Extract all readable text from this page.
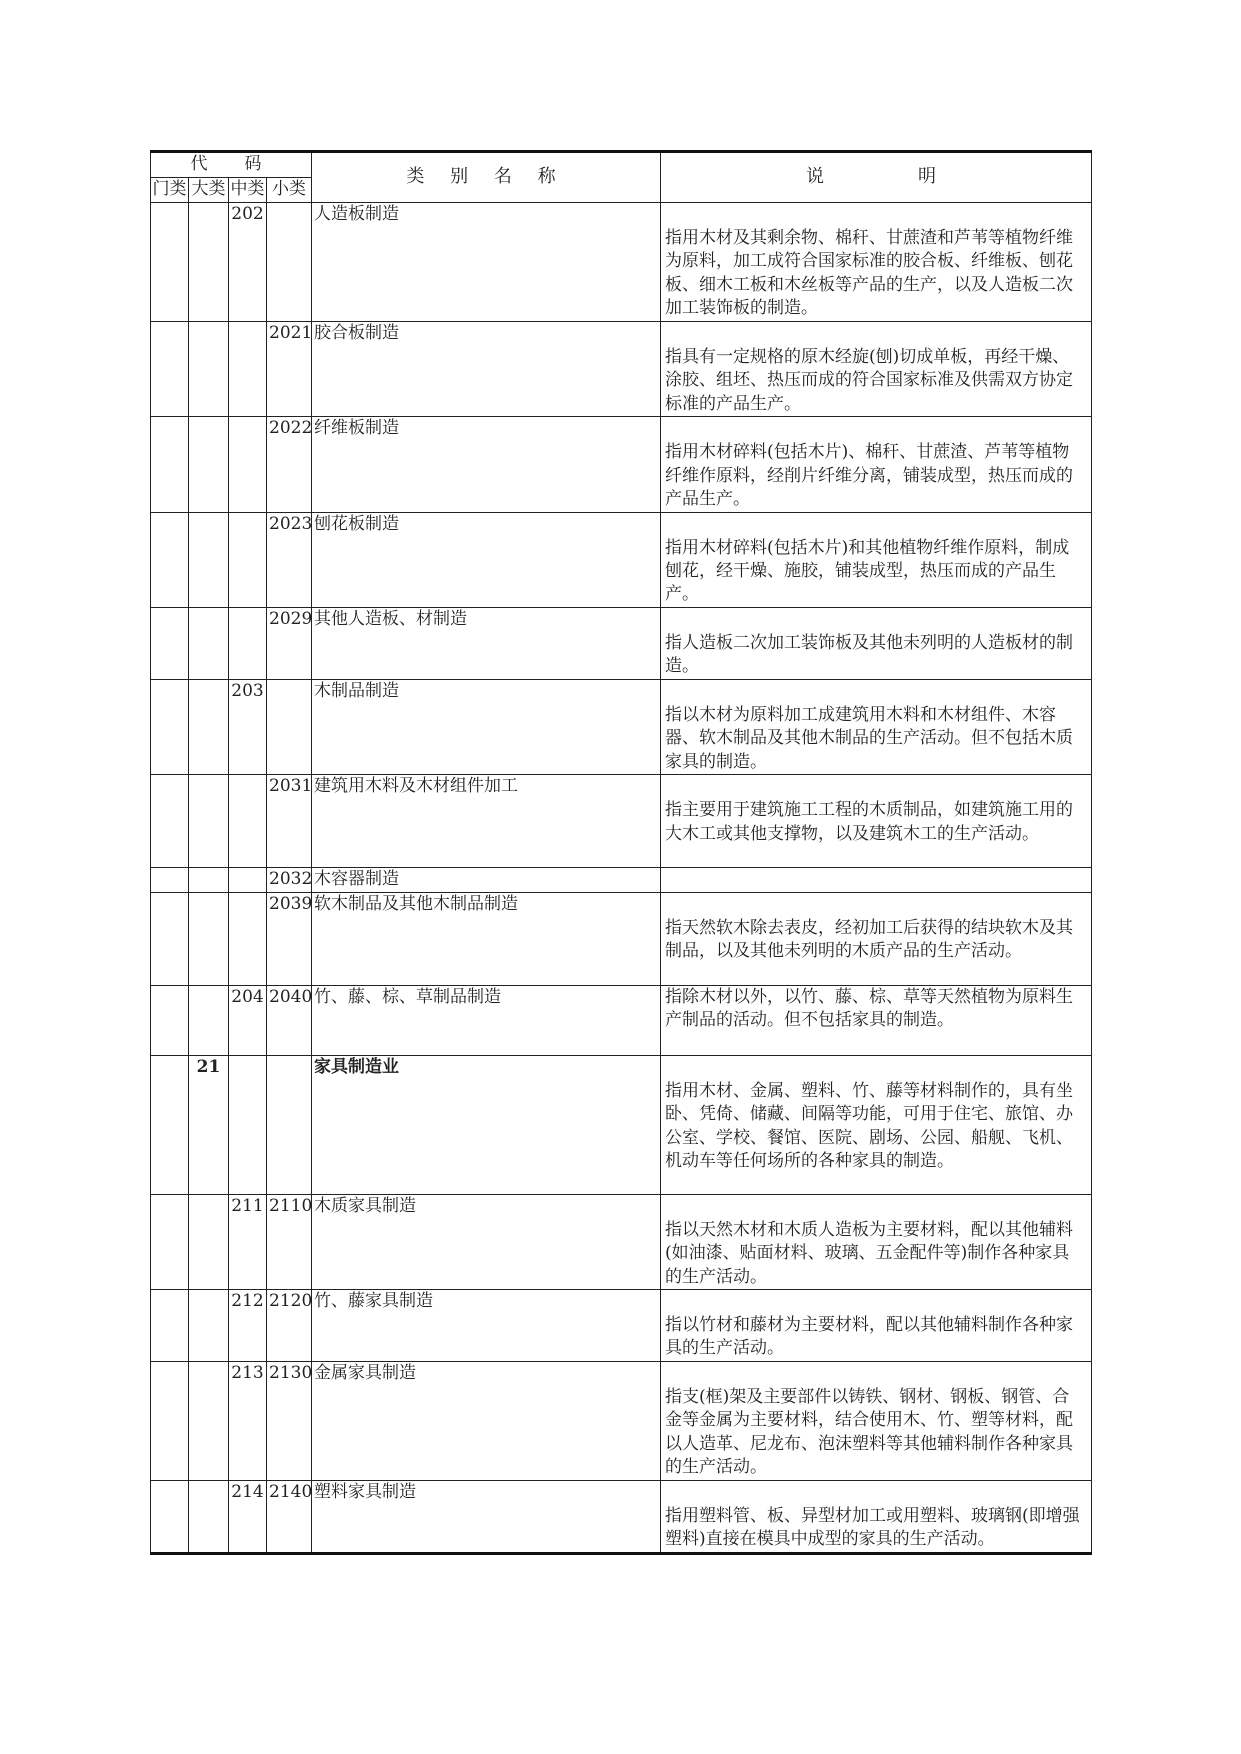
代　码				类 别 名 称	说　　　明
门类	大类	中类	小类		
		202		人造板制造	指用木材及其剩余物、棉秆、甘蔗渣和芦苇等植物纤维为原料，加工成符合国家标准的胶合板、纤维板、刨花板、细木工板和木丝板等产品的生产，以及人造板二次加工装饰板的制造。
			2021	胶合板制造	指具有一定规格的原木经旋(刨)切成单板，再经干燥、涂胶、组坯、热压而成的符合国家标准及供需双方协定标准的产品生产。
			2022	纤维板制造	指用木材碎料(包括木片)、棉秆、甘蔗渣、芦苇等植物纤维作原料，经削片纤维分离，铺装成型，热压而成的产品生产。
			2023	刨花板制造	指用木材碎料(包括木片)和其他植物纤维作原料，制成刨花，经干燥、施胶，铺装成型，热压而成的产品生产。
			2029	其他人造板、材制造	指人造板二次加工装饰板及其他未列明的人造板材的制造。
		203		木制品制造	指以木材为原料加工成建筑用木料和木材组件、木容器、软木制品及其他木制品的生产活动。但不包括木质家具的制造。
			2031	建筑用木料及木材组件加工	指主要用于建筑施工工程的木质制品，如建筑施工用的大木工或其他支撑物，以及建筑木工的生产活动。
			2032	木容器制造	
			2039	软木制品及其他木制品制造	指天然软木除去表皮，经初加工后获得的结块软木及其制品，以及其他未列明的木质产品的生产活动。
		204	2040	竹、藤、棕、草制品制造	指除木材以外，以竹、藤、棕、草等天然植物为原料生产制品的活动。但不包括家具的制造。
	21			家具制造业	指用木材、金属、塑料、竹、藤等材料制作的，具有坐卧、凭倚、储藏、间隔等功能，可用于住宅、旅馆、办公室、学校、餐馆、医院、剧场、公园、船舰、飞机、机动车等任何场所的各种家具的制造。
		211	2110	木质家具制造	指以天然木材和木质人造板为主要材料，配以其他辅料(如油漆、贴面材料、玻璃、五金配件等)制作各种家具的生产活动。
		212	2120	竹、藤家具制造	指以竹材和藤材为主要材料，配以其他辅料制作各种家具的生产活动。
		213	2130	金属家具制造	指支(框)架及主要部件以铸铁、钢材、钢板、钢管、合金等金属为主要材料，结合使用木、竹、塑等材料，配以人造革、尼龙布、泡沫塑料等其他辅料制作各种家具的生产活动。
		214	2140	塑料家具制造	指用塑料管、板、异型材加工或用塑料、玻璃钢(即增强塑料)直接在模具中成型的家具的生产活动。
